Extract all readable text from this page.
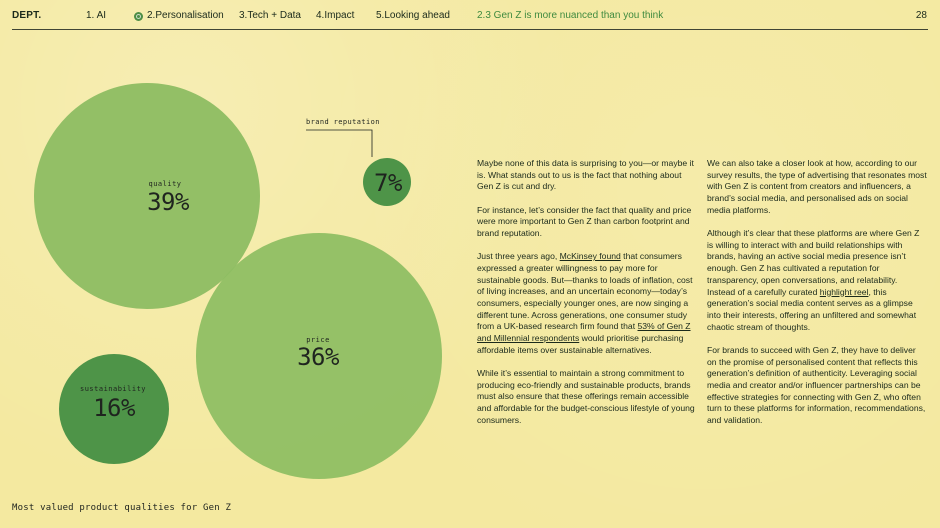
DEPT.	1. AI	2.Personalisation 3.Tech + Data 4.Impact 5.Looking ahead	2.3 Gen Z is more nuanced than you think	28
quality
39%
brand reputation
7%
price
36%
sustainability
16%
Most valued product qualities for Gen Z

Maybe none of this data is surprising to you—or maybe it is. What stands out to us is the fact that nothing about Gen Z is cut and dry.

For instance, let’s consider the fact that quality and price were more important to Gen Z than carbon footprint and brand reputation.

Just three years ago, McKinsey found that consumers expressed a greater willingness to pay more for sustainable goods. But—thanks to loads of inflation, cost of living increases, and an uncertain economy—today’s consumers, especially younger ones, are now singing a different tune. Across generations, one consumer study from a UK-based research firm found that 53% of Gen Z and Millennial respondents would prioritise purchasing affordable items over sustainable alternatives.

While it’s essential to maintain a strong commitment to producing eco-friendly and sustainable products, brands must also ensure that these offerings remain accessible and affordable for the budget-conscious lifestyle of young consumers.

We can also take a closer look at how, according to our survey results, the type of advertising that resonates most with Gen Z is content from creators and influencers, a brand’s social media, and personalised ads on social media platforms.

Although it’s clear that these platforms are where Gen Z is willing to interact with and build relationships with brands, having an active social media presence isn’t enough. Gen Z has cultivated a reputation for transparency, open conversations, and relatability. Instead of a carefully curated highlight reel, this generation’s social media content serves as a glimpse into their interests, offering an unfiltered and somewhat chaotic stream of thoughts.

For brands to succeed with Gen Z, they have to deliver on the promise of personalised content that reflects this generation’s definition of authenticity. Leveraging social media and creator and/or influencer partnerships can be effective strategies for connecting with Gen Z, who often turn to these platforms for information, recommendations, and validation.
